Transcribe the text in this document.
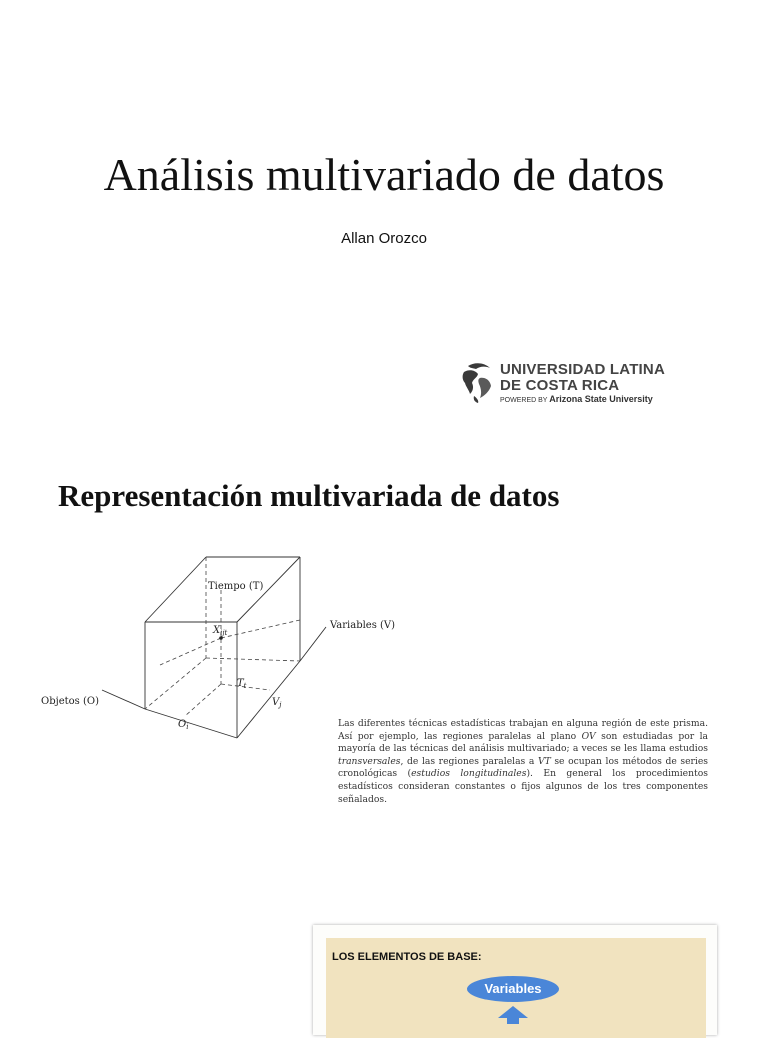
Análisis multivariado de datos
Allan Orozco
UNIVERSIDAD LATINA
DE COSTA RICA
POWERED BY Arizona State University
Representación multivariada de datos
Tiempo (T)
Variables (V)
Objetos (O)
$X_{ijt}$
$T_t$
$V_j$
$O_i$	Las diferentes técnicas estadísticas trabajan en alguna región de este prisma. Así por ejemplo, las regiones paralelas al plano OV son estudiadas por la mayoría de las técnicas del análisis multivariado; a veces se les llama estudios transversales, de las regiones paralelas a VT se ocupan los métodos de series cronológicas (estudios longitudinales). En general los procedimientos estadísticos consideran constantes o fijos algunos de los tres componentes señalados.
LOS ELEMENTOS DE BASE:
Variables
